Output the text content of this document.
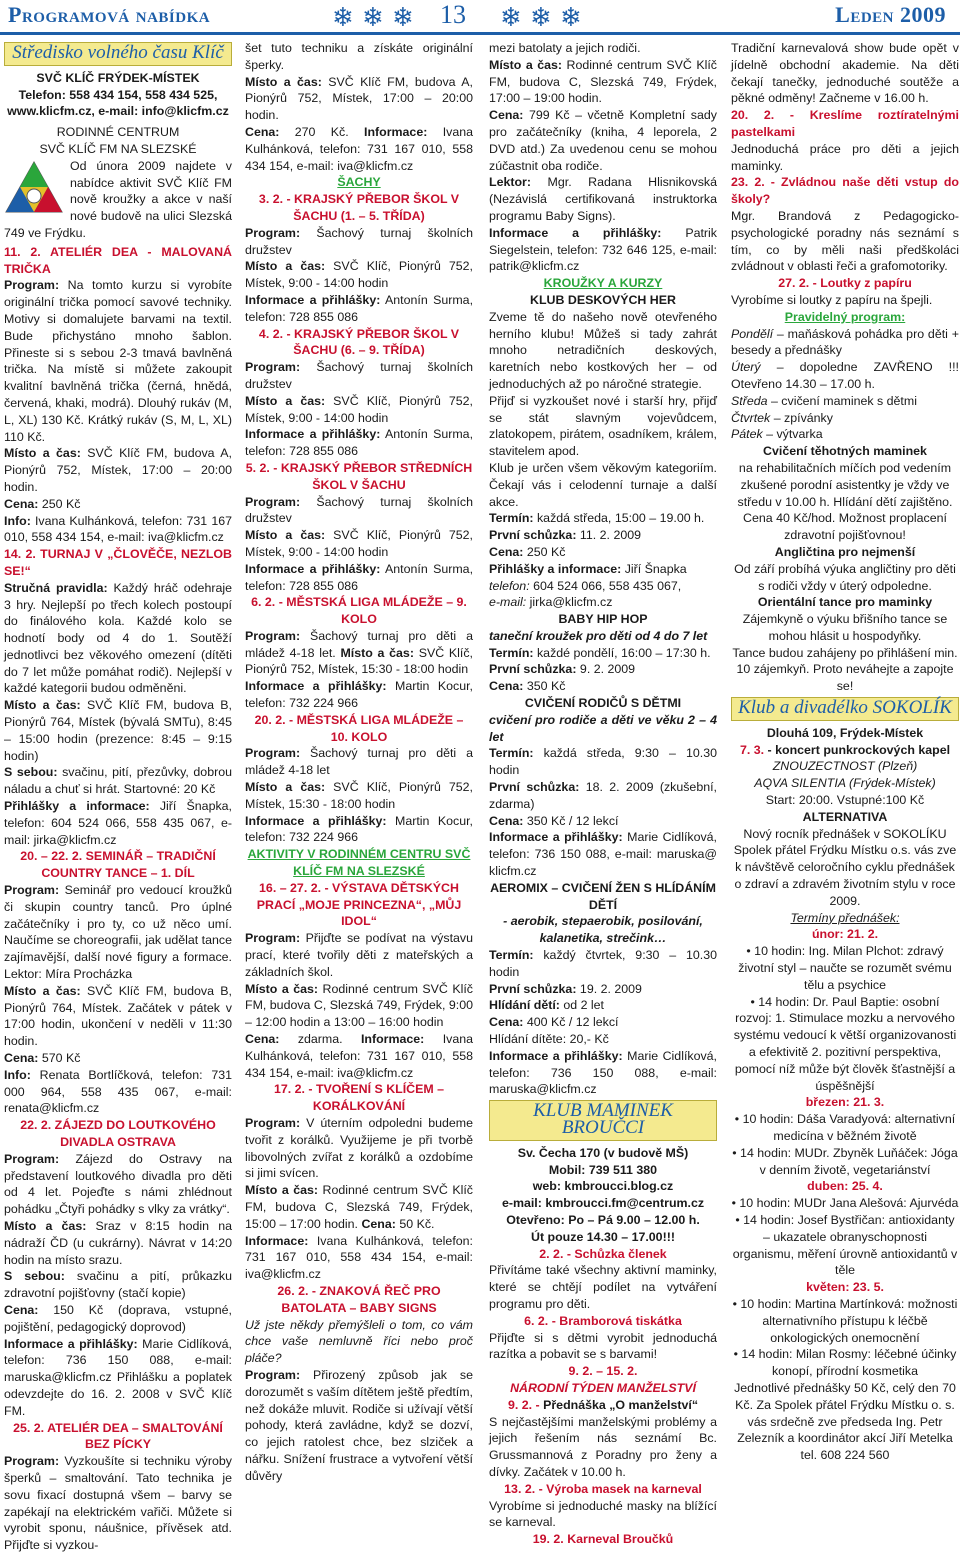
Programová nabídka	❄ ❄ ❄ 13 ❄ ❄ ❄	Leden 2009
Středisko volného času Klíč

SVČ KLÍČ FRÝDEK-MÍSTEK

Telefon: 558 434 154, 558 434 525,

www.klicfm.cz, e-mail: info@klicfm.cz

RODINNÉ CENTRUM
SVČ KLÍČ FM NA SLEZSKÉ

Od února 2009 najdete v nabídce aktivit SVČ Klíč FM nově kroužky a akce v naší nové budově na ulici Slezská 749 ve Frýdku.

11. 2. ATELIÉR DEA - MALOVANÁ TRIČKA

Program: Na tomto kurzu si vyrobíte originální trička pomocí savové techniky. Motivy si domalujete barvami na textil. Bude přichystáno mnoho šablon. Přineste si s sebou 2-3 tmavá bavlněná trička. Na místě si můžete zakoupit kvalitní bavlněná trička (černá, hnědá, červená, khaki, modrá). Dlouhý rukáv (M, L, XL) 130 Kč. Krátký rukáv (S, M, L, XL) 110 Kč.

Místo a čas: SVČ Klíč FM, budova A, Pionýrů 752, Místek, 17:00 – 20:00 hodin.

Cena: 250 Kč

Info: Ivana Kulhánková, telefon: 731 167 010, 558 434 154, e-mail: iva@klicfm.cz

14. 2. TURNAJ V „ČLOVĚČE, NEZLOB SE!“

Stručná pravidla: Každý hráč odehraje 3 hry. Nejlepší po třech kolech postoupí do finálového kola. Každé kolo se hodnotí body od 4 do 1. Soutěží jednotlivci bez věkového omezení (dítěti do 7 let může pomáhat rodič). Nejlepší v každé kategorii budou odměněni.

Místo a čas: SVČ Klíč FM, budova B, Pionýrů 764, Místek (bývalá SMTu), 8:45 – 15:00 hodin (prezence: 8:45 – 9:15 hodin)

S sebou: svačinu, pití, přezůvky, dobrou náladu a chuť si hrát. Startovné: 20 Kč

Přihlášky a informace: Jiří Šnapka, telefon: 604 524 066, 558 435 067, e-mail: jirka@klicfm.cz

20. – 22. 2. SEMINÁŘ – TRADIČNÍ COUNTRY TANCE – 1. DÍL

Program: Seminář pro vedoucí kroužků či skupin country tanců. Pro úplné začátečníky i pro ty, co už něco umí. Naučíme se choreografii, jak udělat tance zajímavější, další nové figury a formace. Lektor: Míra Procházka

Místo a čas: SVČ Klíč FM, budova B, Pionýrů 764, Místek. Začátek v pátek v 17:00 hodin, ukončení v neděli v 11:30 hodin.

Cena: 570 Kč

Info: Renata Bortlíčková, telefon: 731 000 964, 558 435 067, e-mail: renata@klicfm.cz

22. 2. ZÁJEZD DO LOUTKOVÉHO DIVADLA OSTRAVA

Program: Zájezd do Ostravy na představení loutkového divadla pro děti od 4 let. Pojeďte s námi zhlédnout pohádku „Čtyři pohádky s vlky za vrátky“.

Místo a čas: Sraz v 8:15 hodin na nádraží ČD (u cukrárny). Návrat v 14:20 hodin na místo srazu.

S sebou: svačinu a pití, průkazku zdravotní pojišťovny (stačí kopie)

Cena: 150 Kč (doprava, vstupné, pojištění, pedagogický doprovod)

Informace a přihlášky: Marie Cidlíková, telefon: 736 150 088, e-mail: maruska@klicfm.cz Přihlášku a poplatek odevzdejte do 16. 2. 2008 v SVČ Klíč FM.

25. 2. ATELIÉR DEA – SMALTOVÁNÍ BEZ PÍCKY

Program: Vyzkoušíte si techniku výroby šperků – smaltování. Tato technika je sovu fixací dostupná všem – barvy se zapékají na elektrickém vařiči. Můžete si vyrobit sponu, náušnice, přívěsek atd. Přijďte si vyzkou-

šet tuto techniku a získáte originální šperky.

Místo a čas: SVČ Klíč FM, budova A, Pionýrů 752, Místek, 17:00 – 20:00 hodin.

Cena: 270 Kč. Informace: Ivana Kulhánková, telefon: 731 167 010, 558 434 154, e-mail: iva@klicfm.cz

ŠACHY

3. 2. - KRAJSKÝ PŘEBOR ŠKOL V ŠACHU (1. – 5. TŘÍDA)

Program: Šachový turnaj školních družstev

Místo a čas: SVČ Klíč, Pionýrů 752, Místek, 9:00 - 14:00 hodin

Informace a přihlášky: Antonín Surma, telefon: 728 855 086

4. 2. - KRAJSKÝ PŘEBOR ŠKOL V ŠACHU (6. – 9. TŘÍDA)

Program: Šachový turnaj školních družstev

Místo a čas: SVČ Klíč, Pionýrů 752, Místek, 9:00 - 14:00 hodin

Informace a přihlášky: Antonín Surma, telefon: 728 855 086

5. 2. - KRAJSKÝ PŘEBOR STŘEDNÍCH ŠKOL V ŠACHU

Program: Šachový turnaj školních družstev

Místo a čas: SVČ Klíč, Pionýrů 752, Místek, 9:00 - 14:00 hodin

Informace a přihlášky: Antonín Surma, telefon: 728 855 086

6. 2. - MĚSTSKÁ LIGA MLÁDEŽE – 9. KOLO

Program: Šachový turnaj pro děti a mládež 4-18 let. Místo a čas: SVČ Klíč, Pionýrů 752, Místek, 15:30 - 18:00 hodin

Informace a přihlášky: Martin Kocur, telefon: 732 224 966

20. 2. - MĚSTSKÁ LIGA MLÁDEŽE – 10. KOLO

Program: Šachový turnaj pro děti a mládež 4-18 let

Místo a čas: SVČ Klíč, Pionýrů 752, Místek, 15:30 - 18:00 hodin

Informace a přihlášky: Martin Kocur, telefon: 732 224 966

AKTIVITY V RODINNÉM CENTRU SVČ KLÍČ FM NA SLEZSKÉ

16. – 27. 2. - VÝSTAVA DĚTSKÝCH PRACÍ „MOJE PRINCEZNA“, „MŮJ IDOL“

Program: Přijďte se podívat na výstavu prací, které tvořily děti z mateřských a základních škol.

Místo a čas: Rodinné centrum SVČ Klíč FM, budova C, Slezská 749, Frýdek, 9:00 – 12:00 hodin a 13:00 – 16:00 hodin

Cena: zdarma. Informace: Ivana Kulhánková, telefon: 731 167 010, 558 434 154, e-mail: iva@klicfm.cz

17. 2. - TVOŘENÍ S KLÍČEM – KORÁLKOVÁNÍ

Program: V úterním odpoledni budeme tvořit z korálků. Využijeme je při tvorbě libovolných zvířat z korálků a ozdobíme si jimi svícen.

Místo a čas: Rodinné centrum SVČ Klíč FM, budova C, Slezská 749, Frýdek, 15:00 – 17:00 hodin. Cena: 50 Kč.

Informace: Ivana Kulhánková, telefon: 731 167 010, 558 434 154, e-mail: iva@klicfm.cz

26. 2. - ZNAKOVÁ ŘEČ PRO BATOLATA – BABY SIGNS

Už jste někdy přemýšleli o tom, co vám chce vaše nemluvně říci nebo proč pláče?

Program: Přirozený způsob jak se dorozumět s vaším dítětem ještě předtím, než dokáže mluvit. Rodiče si užívají větší pohody, která zavládne, když se dozví, co jejich ratolest chce, bez slziček a nářku. Snížení frustrace a vytvoření větší důvěry

mezi batolaty a jejich rodiči.

Místo a čas: Rodinné centrum SVČ Klíč FM, budova C, Slezská 749, Frýdek, 17:00 – 19:00 hodin.

Cena: 799 Kč – včetně Kompletní sady pro začátečníky (kniha, 4 leporela, 2 DVD atd.) Za uvedenou cenu se mohou zúčastnit oba rodiče.

Lektor: Mgr. Radana Hlisnikovská (Nezávislá certifikovaná instruktorka programu Baby Signs).

Informace a přihlášky: Patrik Siegelstein, telefon: 732 646 125, e-mail: patrik@klicfm.cz

KROUŽKY A KURZY

KLUB DESKOVÝCH HER

Zveme tě do našeho nově otevřeného herního klubu! Můžeš si tady zahrát mnoho netradičních deskových, karetních nebo kostkových her – od jednoduchých až po náročné strategie.

Přijď si vyzkoušet nové i starší hry, přijď se stát slavným vojevůdcem, zlatokopem, pirátem, osadníkem, králem, stavitelem apod.

Klub je určen všem věkovým kategoriím. Čekají vás i celodenní turnaje a další akce.

Termín: každá středa, 15:00 – 19.00 h.

První schůzka: 11. 2. 2009

Cena: 250 Kč

Přihlášky a informace: Jiří Šnapka

telefon: 604 524 066, 558 435 067,

e-mail: jirka@klicfm.cz

BABY HIP HOP

taneční kroužek pro děti od 4 do 7 let

Termín: každé pondělí, 16:00 – 17:30 h.

První schůzka: 9. 2. 2009

Cena: 350 Kč

CVIČENÍ RODIČŮ S DĚTMI

cvičení pro rodiče a děti ve věku 2 – 4 let

Termín: každá středa, 9:30 – 10.30 hodin

První schůzka: 18. 2. 2009 (zkušební, zdarma)

Cena: 350 Kč / 12 lekcí

Informace a přihlášky: Marie Cidlíková, telefon: 736 150 088, e-mail: maruska@ klicfm.cz

AEROMIX – CVIČENÍ ŽEN S HLÍDÁNÍM DĚTÍ

- aerobik, stepaerobik, posilování, kalanetika, strečink…

Termín: každý čtvrtek, 9:30 – 10.30 hodin

První schůzka: 19. 2. 2009

Hlídání dětí: od 2 let

Cena: 400 Kč / 12 lekcí

Hlídání dítěte: 20,- Kč

Informace a přihlášky: Marie Cidlíková, telefon: 736 150 088, e-mail: maruska@klicfm.cz

KLUB MAMINEK BROUČCI

Sv. Čecha 170 (v budově MŠ)

Mobil: 739 511 380

web: kmbroucci.blog.cz

e-mail: kmbroucci.fm@centrum.cz

Otevřeno: Po – Pá 9.00 – 12.00 h.

Út pouze 14.30 – 17.00!!!

2. 2. - Schůzka členek

Přivítáme také všechny aktivní maminky, které se chtějí podílet na vytváření programu pro děti.

6. 2. - Bramborová tiskátka

Přijďte si s dětmi vyrobit jednoduchá razítka a pobavit se s barvami!

9. 2. – 15. 2.

NÁRODNÍ TÝDEN MANŽELSTVÍ

9. 2. - Přednáška „O manželství“

S nejčastějšími manželskými problémy a jejich řešením nás seznámí Bc. Grussmannová z Poradny pro ženy a dívky. Začátek v 10.00 h.

13. 2. - Výroba masek na karneval

Vyrobíme si jednoduché masky na blížící se karneval.

19. 2. Karneval Broučků

Tradiční karnevalová show bude opět v jídelně obchodní akademie. Na děti čekají tanečky, jednoduché soutěže a pěkné odměny! Začneme v 16.00 h.

20. 2. - Kreslíme roztíratelnými pastelkami

Jednoduchá práce pro děti a jejich maminky.

23. 2. - Zvládnou naše děti vstup do školy?

Mgr. Brandová z Pedagogicko-psychologické poradny nás seznámí s tím, co by měli naši předškoláci zvládnout v oblasti řeči a grafomotoriky.

27. 2. - Loutky z papíru

Vyrobíme si loutky z papíru na špejli.

Pravidelný program:

Pondělí – maňásková pohádka pro děti + besedy a přednášky

Úterý – dopoledne ZAVŘENO !!! Otevřeno 14.30 – 17.00 h.

Středa – cvičení maminek s dětmi

Čtvrtek – zpívánky

Pátek – výtvarka

Cvičení těhotných maminek

na rehabilitačních míčích pod vedením zkušené porodní asistentky je vždy ve středu v 10.00 h. Hlídání dětí zajištěno. Cena 40 Kč/hod. Možnost proplacení zdravotní pojišťovnou!

Angličtina pro nejmenší

Od září probíhá výuka angličtiny pro děti s rodiči vždy v úterý odpoledne.

Orientální tance pro maminky

Zájemkyně o výuku břišního tance se mohou hlásit u hospodyňky.

Tance budou zahájeny po přihlášení min. 10 zájemkyň. Proto neváhejte a zapojte se!

Klub a divadélko SOKOLÍK

Dlouhá 109, Frýdek-Místek

7. 3. - koncert punkrockových kapel

ZNOUZECTNOST (Plzeň)

AQVA SILENTIA (Frýdek-Místek)

Start: 20:00. Vstupné:100 Kč

ALTERNATIVA

Nový rocník přednášek v SOKOLÍKU Spolek přátel Frýdku Místku o.s. vás zve k návštěvě celoročního cyklu přednášek o zdraví a zdravém životním stylu v roce 2009.

Termíny přednášek:

únor: 21. 2.

• 10 hodin: Ing. Milan Plchot: zdravý životní styl – naučte se rozumět svému tělu a psychice

• 14 hodin: Dr. Paul Baptie: osobní rozvoj: 1. Stimulace mozku a nervového systému vedoucí k větší organizovanosti a efektivitě 2. pozitivní perspektiva, pomocí níž může být člověk šťastnější a úspěšnější

březen: 21. 3.

• 10 hodin: Dáša Varadyová: alternativní medicína v běžném životě

• 14 hodin: MUDr. Zbyněk Luňáček: Jóga v denním životě, vegetariánství

duben: 25. 4.

• 10 hodin: MUDr Jana Alešová: Ajurvéda

• 14 hodin: Josef Bystřičan: antioxidanty – ukazatele obranyschopnosti organismu, měření úrovně antioxidantů v těle

květen: 23. 5.

• 10 hodin: Martina Martínková: možnosti alternativního přístupu k léčbě onkologických onemocnění

• 14 hodin: Milan Rosmy: léčebné účinky konopí, přírodní kosmetika

Jednotlivé přednášky 50 Kč, celý den 70 Kč. Za Spolek přátel Frýdku Místku o. s. vás srdečně zve předseda Ing. Petr Zelezník a koordinátor akcí Jiří Metelka tel. 608 224 560
